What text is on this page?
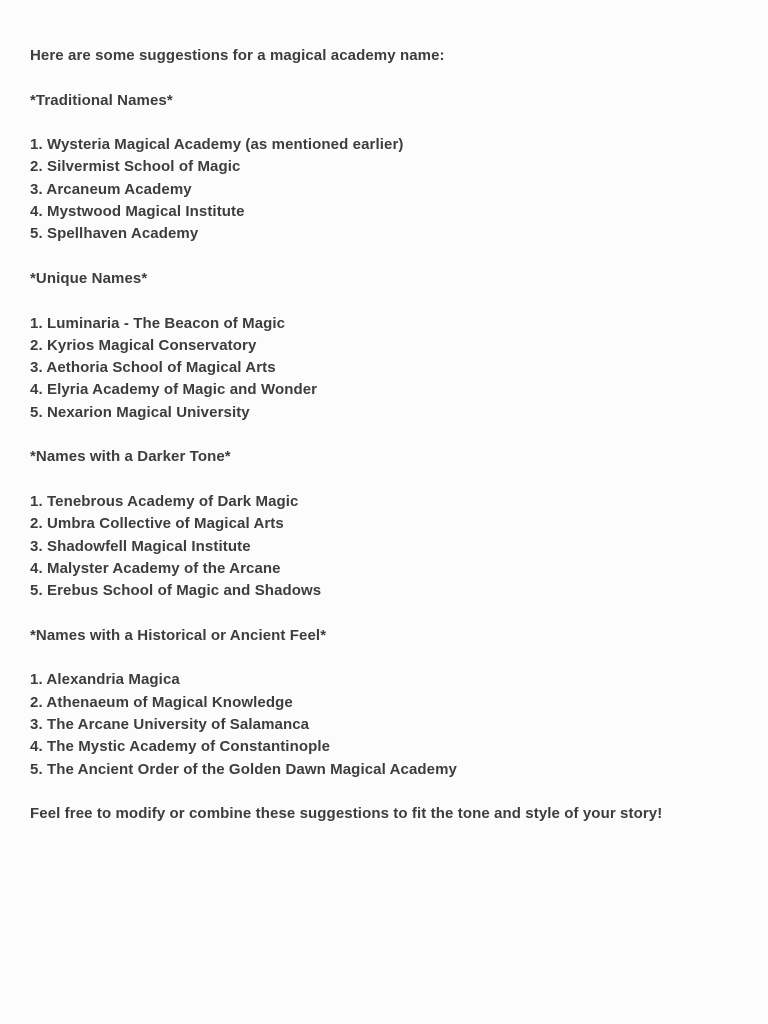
Here are some suggestions for a magical academy name:

*Traditional Names*

1. Wysteria Magical Academy (as mentioned earlier)

2. Silvermist School of Magic

3. Arcaneum Academy

4. Mystwood Magical Institute

5. Spellhaven Academy

*Unique Names*

1. Luminaria - The Beacon of Magic

2. Kyrios Magical Conservatory

3. Aethoria School of Magical Arts

4. Elyria Academy of Magic and Wonder

5. Nexarion Magical University

*Names with a Darker Tone*

1. Tenebrous Academy of Dark Magic

2. Umbra Collective of Magical Arts

3. Shadowfell Magical Institute

4. Malyster Academy of the Arcane

5. Erebus School of Magic and Shadows

*Names with a Historical or Ancient Feel*

1. Alexandria Magica

2. Athenaeum of Magical Knowledge

3. The Arcane University of Salamanca

4. The Mystic Academy of Constantinople

5. The Ancient Order of the Golden Dawn Magical Academy

Feel free to modify or combine these suggestions to fit the tone and style of your story!
